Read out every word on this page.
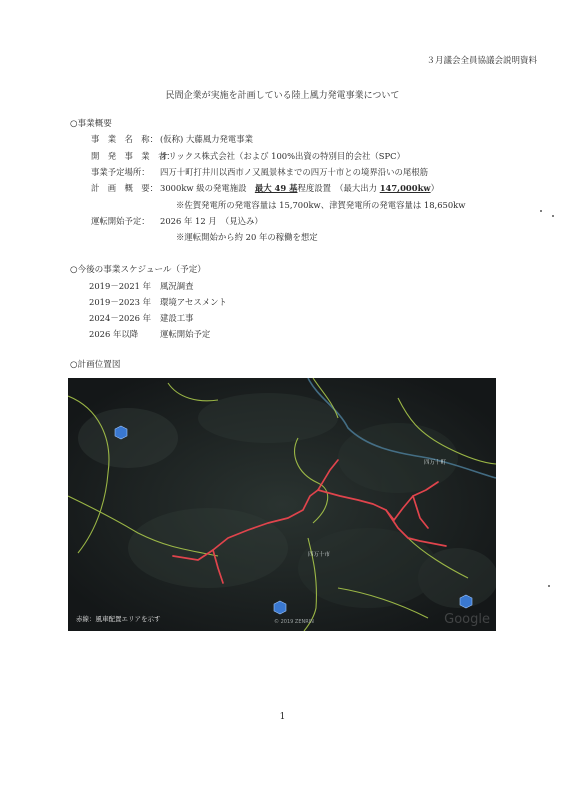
３月議会全員協議会説明資料
民間企業が実施を計画している陸上風力発電事業について
○事業概要
事　業　名　称： (仮称) 大藤風力発電事業
開　発　事　業　者：
オリックス株式会社（および 100%出資の特別目的会社（SPC）
事業予定場所： 四万十町打井川以西市ノ又風景林までの四万十市との境界沿いの尾根筋
計　画　概　要： 3000kw 級の発電施設　最大 49 基程度設置　（最大出力 147,000kw）
※佐賀発電所の発電容量は 15,700kw、津賀発電所の発電容量は 18,650kw
運転開始予定： 2026 年 12 月　（見込み）
※運転開始から約 20 年の稼働を想定
○今後の事業スケジュール（予定）
2019－2021 年 風況調査
2019－2023 年 環境アセスメント
2024－2026 年 建設工事
2026 年以降	運転開始予定
○計画位置図
四万十町
四万十市
赤線：風車配置エリアを示す	© 2019 ZENRIN	Google
1
